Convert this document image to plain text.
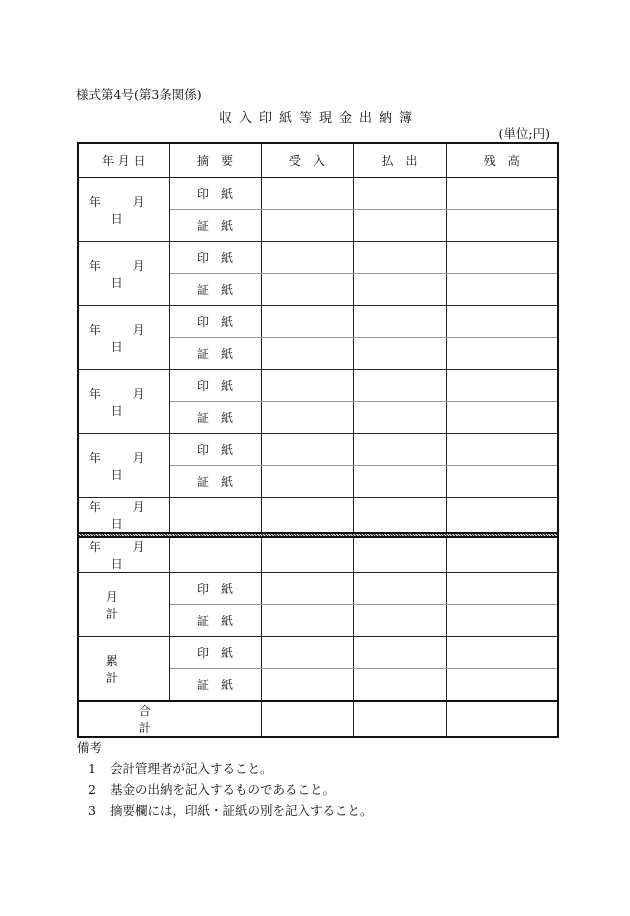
様式第4号(第3条関係)
収入印紙等現金出納簿
(単位;円)
年 月 日	摘　要	受　入	払　出	残　高
年 月 日	印　紙			
	証　紙			
年 月 日	印　紙			
	証　紙			
年 月 日	印　紙			
	証　紙			
年 月 日	印　紙			
	証　紙			
年 月 日	印　紙			
	証　紙			
年 月 日				

年 月 日				
月　計	印　紙			
	証　紙			
累　計	印　紙			
	証　紙			
合　計				
備考
1 会計管理者が記入すること。
2 基金の出納を記入するものであること。
3 摘要欄には，印紙・証紙の別を記入すること。
